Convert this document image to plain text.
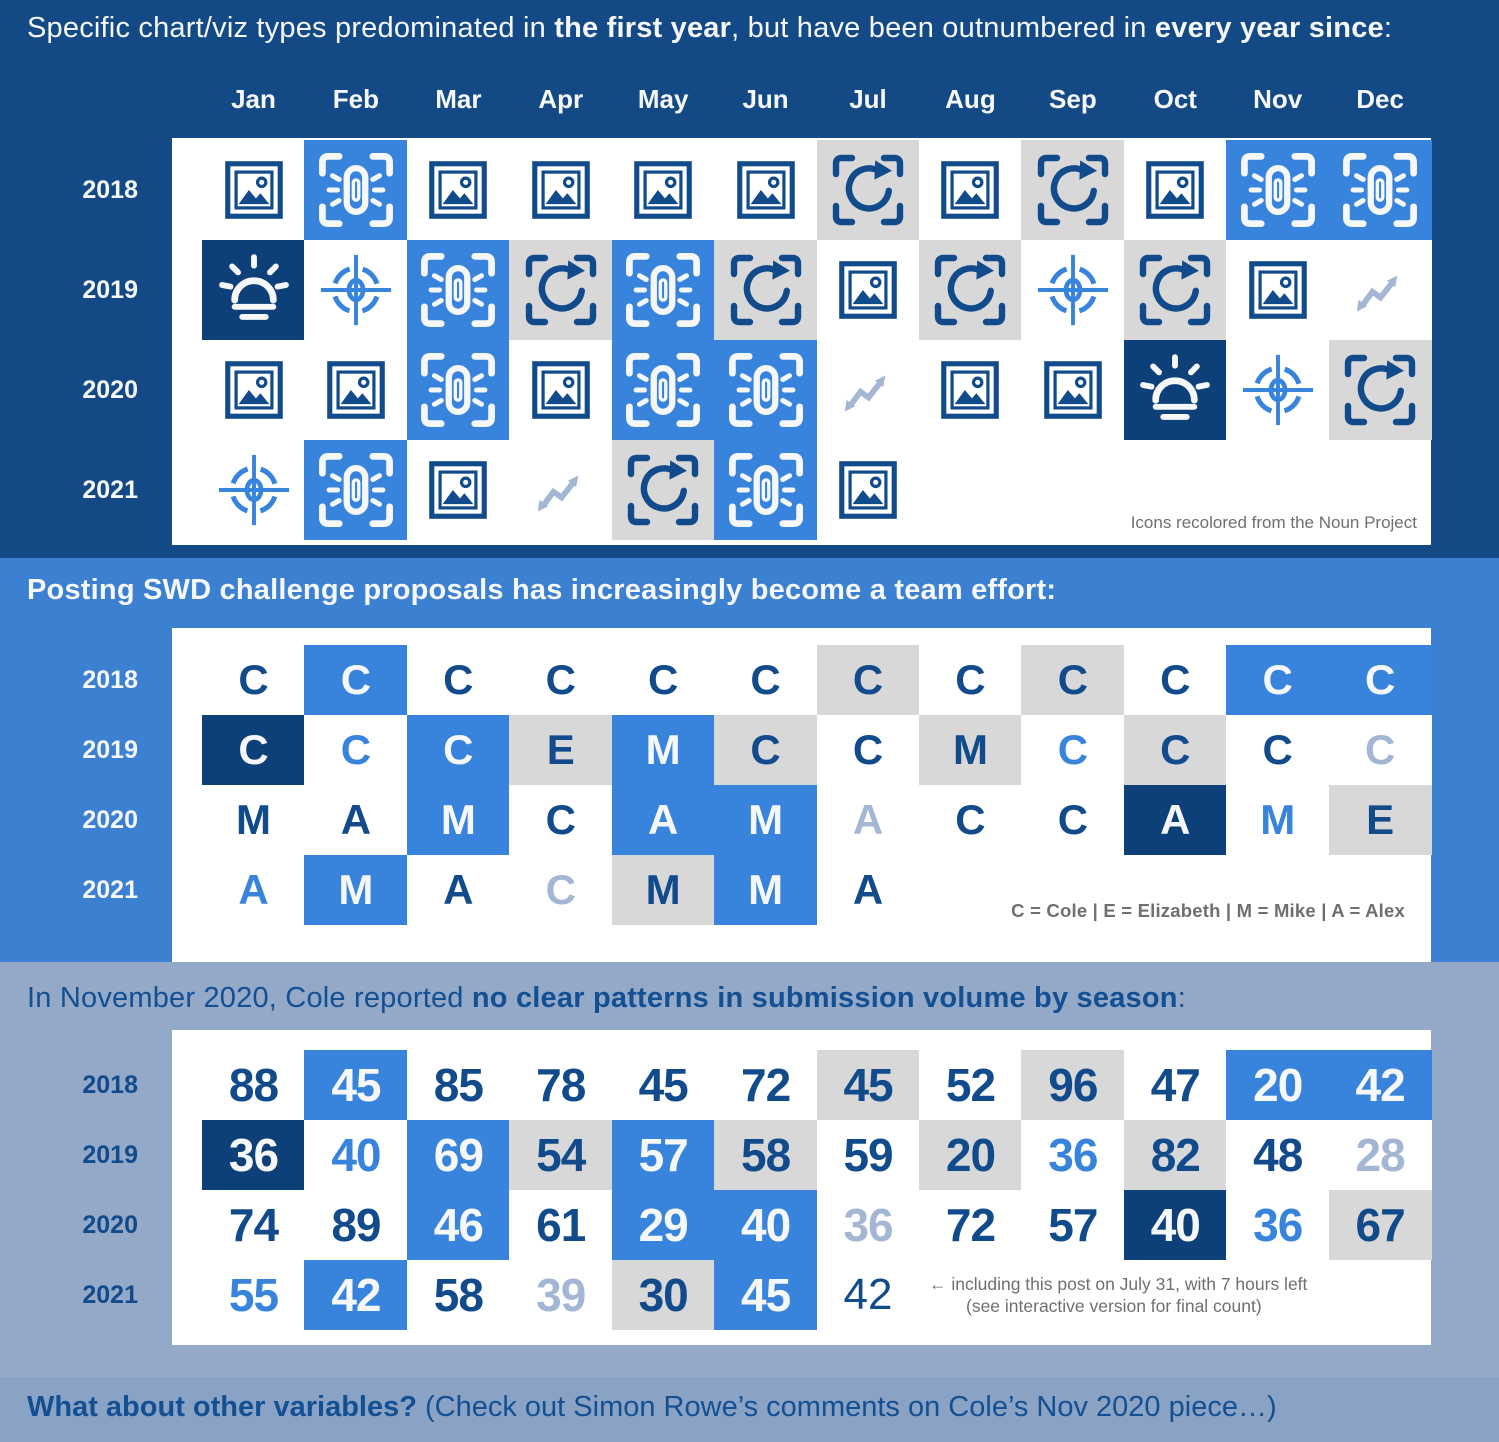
Specific chart/viz types predominated in the first year, but have been outnumbered in every year since:
Icons recolored from the Noun Project
Jan	Feb	Mar	Apr	May	Jun	Jul	Aug	Sep	Oct	Nov	Dec
2018
2019
2020
2021
Posting SWD challenge proposals has increasingly become a team effort:
C = Cole | E = Elizabeth | M = Mike | A = Alex
C	C	C	C	C	C	C	C	C	C	C	C
C	C	C	E	M	C	C	M	C	C	C	C
M	A	M	C	A	M	A	C	C	A	M	E
A	M	A	C	M	M	A
2018
2019
2020
2021
In November 2020, Cole reported no clear patterns in submission volume by season:
← including this post on July 31, with 7 hours left
(see interactive version for final count)
88	45	85	78	45	72	45	52	96	47	20	42
36	40	69	54	57	58	59	20	36	82	48	28
74	89	46	61	29	40	36	72	57	40	36	67
55	42	58	39	30	45	42
2018
2019
2020
2021
What about other variables? (Check out Simon Rowe’s comments on Cole’s Nov 2020 piece…)
